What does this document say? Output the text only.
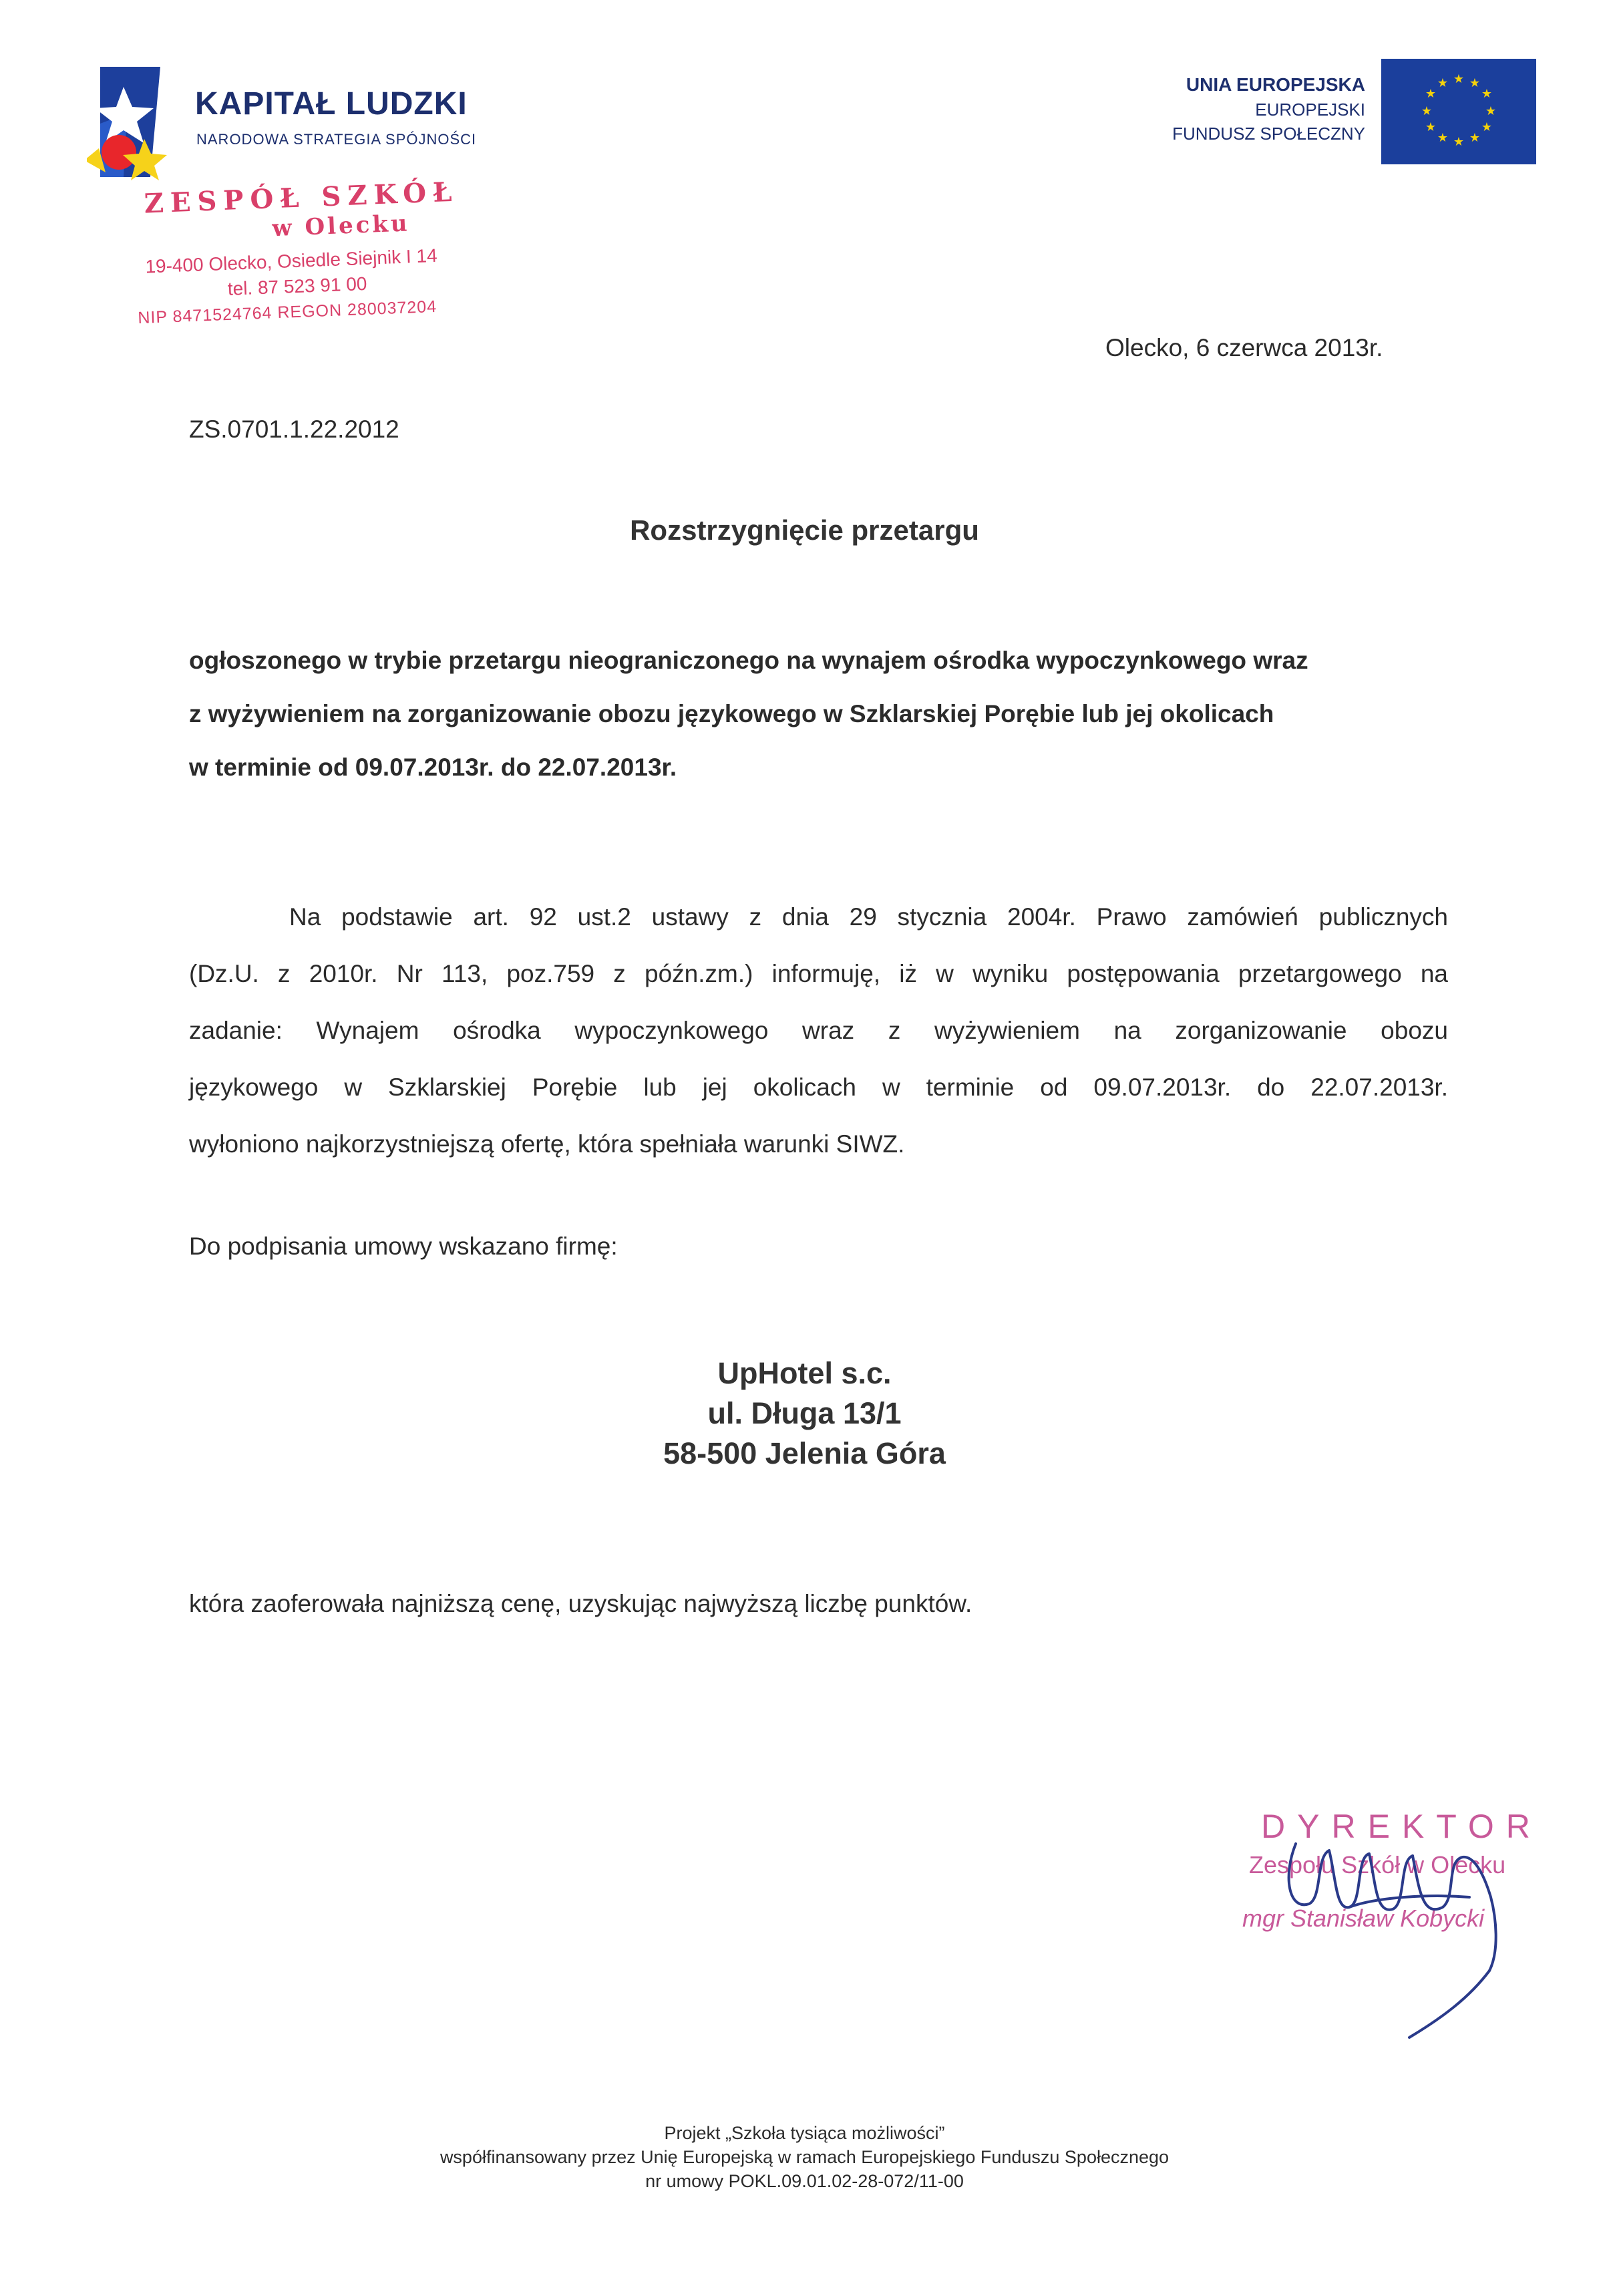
KAPITAŁ LUDZKI
NARODOWA STRATEGIA SPÓJNOŚCI
UNIA EUROPEJSKA
EUROPEJSKI
FUNDUSZ SPOŁECZNY
★ ★
★
★
★
★
★
★
★
★
★
★
ZESPÓŁ SZKÓŁ
w Olecku
19-400 Olecko, Osiedle Siejnik I 14
tel. 87 523 91 00
NIP 8471524764 REGON 280037204
Olecko, 6 czerwca 2013r.
ZS.0701.1.22.2012
Rozstrzygnięcie przetargu
ogłoszonego w trybie przetargu nieograniczonego na wynajem ośrodka wypoczynkowego wraz
z wyżywieniem na zorganizowanie obozu językowego w Szklarskiej Porębie lub jej okolicach
w terminie od 09.07.2013r. do 22.07.2013r.
Na podstawie art. 92 ust.2 ustawy z dnia 29 stycznia 2004r. Prawo zamówień publicznych
(Dz.U. z 2010r. Nr 113, poz.759 z późn.zm.) informuję, iż w wyniku postępowania przetargowego na
zadanie: Wynajem ośrodka wypoczynkowego wraz z wyżywieniem na zorganizowanie obozu
językowego w Szklarskiej Porębie lub jej okolicach w terminie od 09.07.2013r. do 22.07.2013r.
wyłoniono najkorzystniejszą ofertę, która spełniała warunki SIWZ.
Do podpisania umowy wskazano firmę:
UpHotel s.c.
ul. Długa 13/1
58-500 Jelenia Góra
która zaoferowała najniższą cenę, uzyskując najwyższą liczbę punktów.
DYREKTOR
Zespołu Szkół w Olecku
mgr Stanisław Kobycki
Projekt „Szkoła tysiąca możliwości”
współfinansowany przez Unię Europejską w ramach Europejskiego Funduszu Społecznego
nr umowy POKL.09.01.02-28-072/11-00
